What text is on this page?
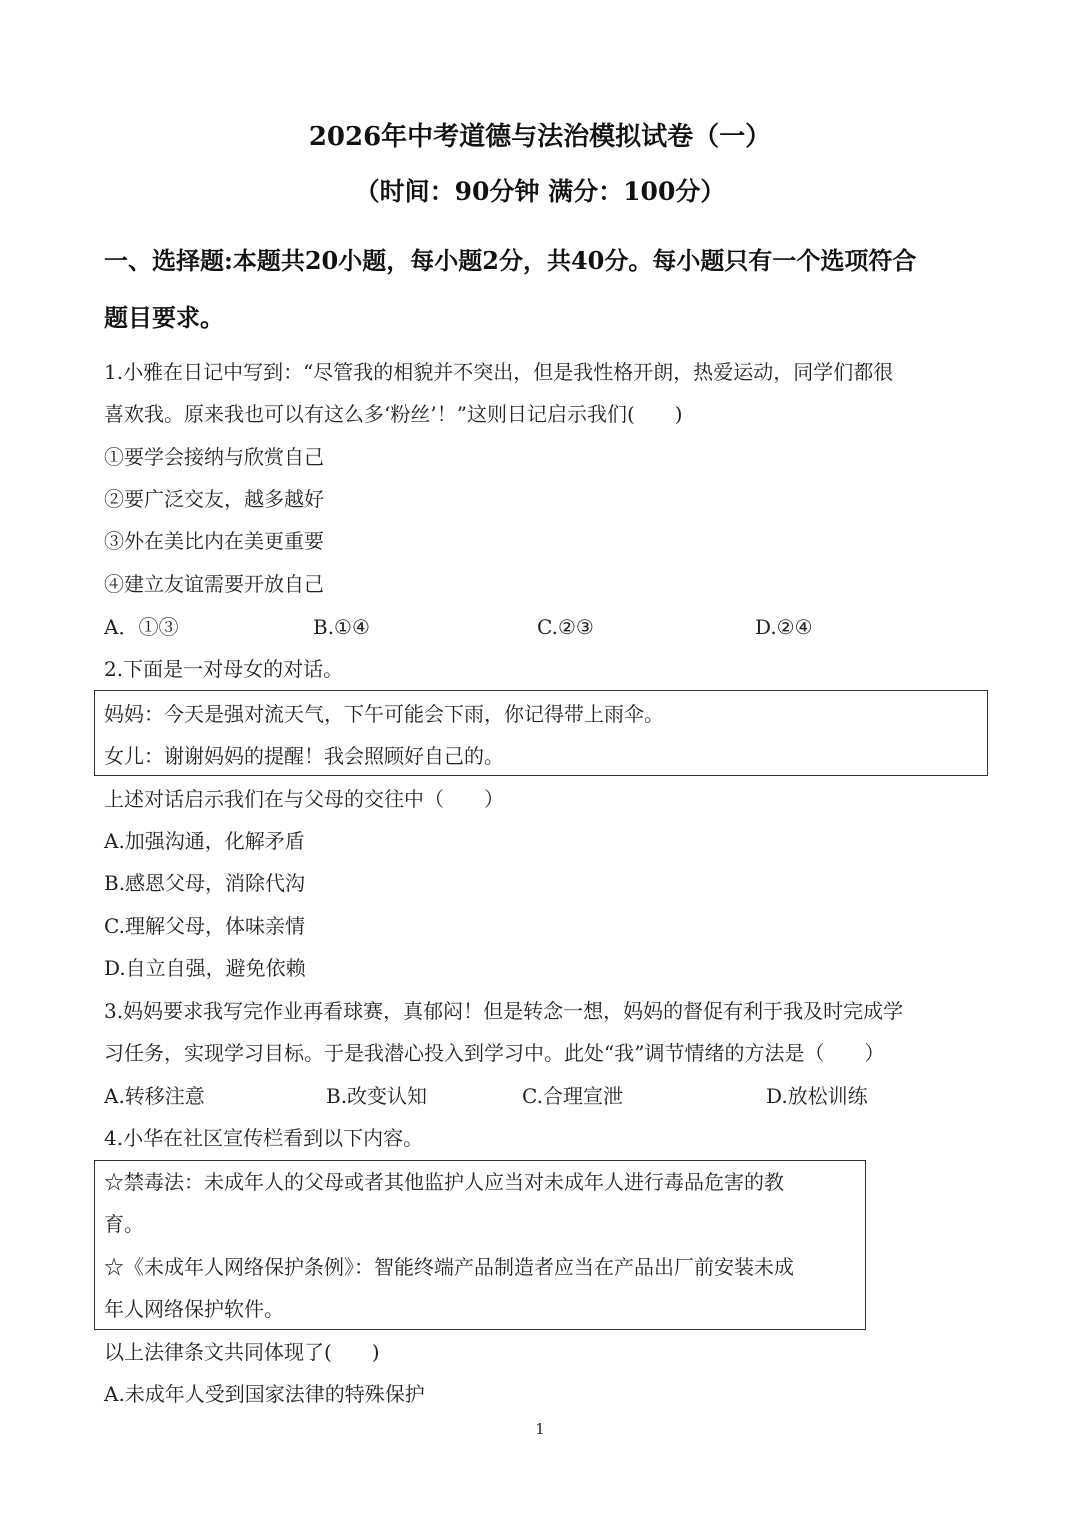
2026年中考道德与法治模拟试卷（一）
（时间：90分钟 满分：100分）
一、选择题:本题共20小题，每小题2分，共40分。每小题只有一个选项符合
题目要求。
1.小雅在日记中写到：“尽管我的相貌并不突出，但是我性格开朗，热爱运动，同学们都很
喜欢我。原来我也可以有这么多‘粉丝’！”这则日记启示我们(　　)
①要学会接纳与欣赏自己
②要广泛交友，越多越好
③外在美比内在美更重要
④建立友谊需要开放自己
A．①③	B.①④	C.②③	D.②④
2.下面是一对母女的对话。
妈妈：今天是强对流天气，下午可能会下雨，你记得带上雨伞。
女儿：谢谢妈妈的提醒！我会照顾好自己的。
上述对话启示我们在与父母的交往中（　　）
A.加强沟通，化解矛盾
B.感恩父母，消除代沟
C.理解父母，体味亲情
D.自立自强，避免依赖
3.妈妈要求我写完作业再看球赛，真郁闷！但是转念一想，妈妈的督促有利于我及时完成学
习任务，实现学习目标。于是我潜心投入到学习中。此处“我”调节情绪的方法是（　　）
A.转移注意	B.改变认知	C.合理宣泄	D.放松训练
4.小华在社区宣传栏看到以下内容。
☆禁毒法：未成年人的父母或者其他监护人应当对未成年人进行毒品危害的教
育。
☆《未成年人网络保护条例》：智能终端产品制造者应当在产品出厂前安装未成
年人网络保护软件。
以上法律条文共同体现了(　　)
A.未成年人受到国家法律的特殊保护
1
